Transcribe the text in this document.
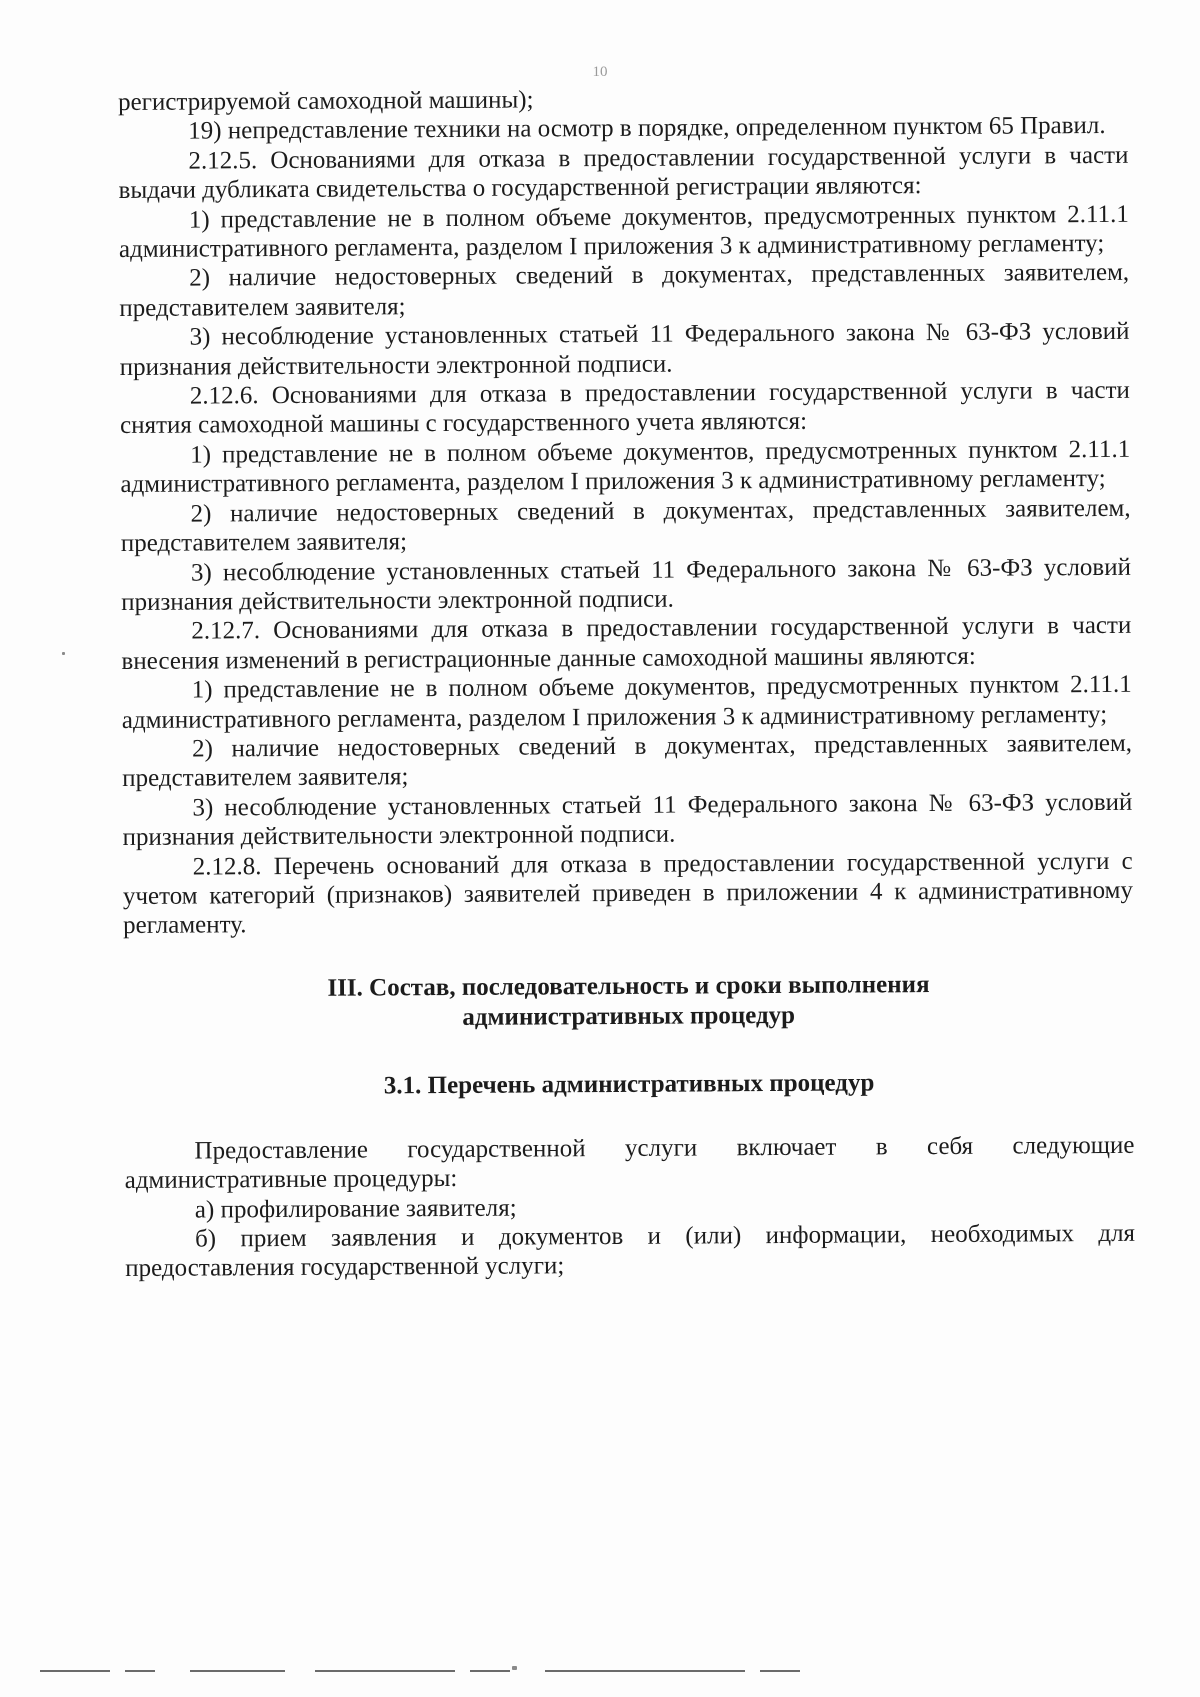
10

регистрируемой самоходной машины);

19) непредставление техники на осмотр в порядке, определенном пунктом 65 Правил.

2.12.5. Основаниями для отказа в предоставлении государственной услуги в части выдачи дубликата свидетельства о государственной регистрации являются:

1) представление не в полном объеме документов, предусмотренных пунктом 2.11.1 административного регламента, разделом I приложения 3 к административному регламенту;

2) наличие недостоверных сведений в документах, представленных заявителем, представителем заявителя;

3) несоблюдение установленных статьей 11 Федерального закона № 63-ФЗ условий признания действительности электронной подписи.

2.12.6. Основаниями для отказа в предоставлении государственной услуги в части снятия самоходной машины с государственного учета являются:

1) представление не в полном объеме документов, предусмотренных пунктом 2.11.1 административного регламента, разделом I приложения 3 к административному регламенту;

2) наличие недостоверных сведений в документах, представленных заявителем, представителем заявителя;

3) несоблюдение установленных статьей 11 Федерального закона № 63-ФЗ условий признания действительности электронной подписи.

2.12.7. Основаниями для отказа в предоставлении государственной услуги в части внесения изменений в регистрационные данные самоходной машины являются:

1) представление не в полном объеме документов, предусмотренных пунктом 2.11.1 административного регламента, разделом I приложения 3 к административному регламенту;

2) наличие недостоверных сведений в документах, представленных заявителем, представителем заявителя;

3) несоблюдение установленных статьей 11 Федерального закона № 63-ФЗ условий признания действительности электронной подписи.

2.12.8. Перечень оснований для отказа в предоставлении государственной услуги с учетом категорий (признаков) заявителей приведен в приложении 4 к административному регламенту.

III. Состав, последовательность и сроки выполнения
административных процедур

3.1. Перечень административных процедур

Предоставление государственной услуги включает в себя следующие административные процедуры:

а) профилирование заявителя;

б) прием заявления и документов и (или) информации, необходимых для предоставления государственной услуги;
